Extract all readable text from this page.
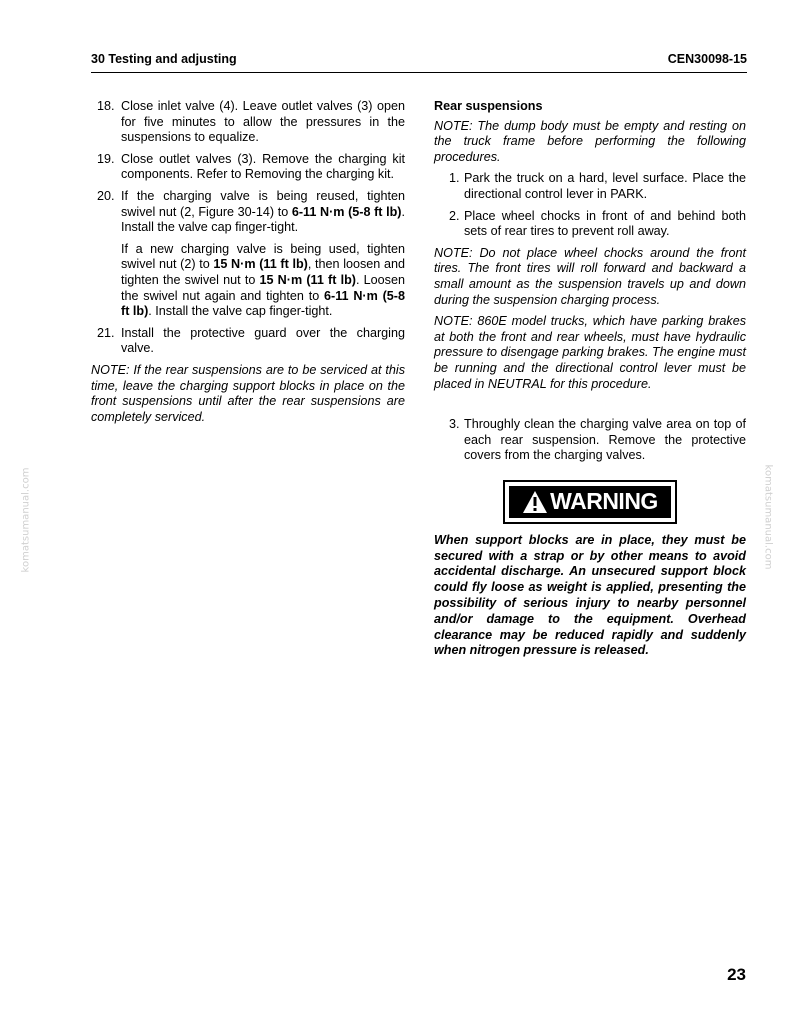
30 Testing and adjusting	CEN30098-15
18. Close inlet valve (4). Leave outlet valves (3) open for five minutes to allow the pressures in the suspensions to equalize.
19. Close outlet valves (3). Remove the charging kit components. Refer to Removing the charging kit.
20. If the charging valve is being reused, tighten swivel nut (2, Figure 30-14) to 6-11 N·m (5-8 ft lb). Install the valve cap finger-tight.
If a new charging valve is being used, tighten swivel nut (2) to 15 N·m (11 ft lb), then loosen and tighten the swivel nut to 15 N·m (11 ft lb). Loosen the swivel nut again and tighten to 6-11 N·m (5-8 ft lb). Install the valve cap finger-tight.
21. Install the protective guard over the charging valve.
NOTE: If the rear suspensions are to be serviced at this time, leave the charging support blocks in place on the front suspensions until after the rear suspensions are completely serviced.
Rear suspensions
NOTE: The dump body must be empty and resting on the truck frame before performing the following procedures.
1. Park the truck on a hard, level surface. Place the directional control lever in PARK.
2. Place wheel chocks in front of and behind both sets of rear tires to prevent roll away.
NOTE: Do not place wheel chocks around the front tires. The front tires will roll forward and backward a small amount as the suspension travels up and down during the suspension charging process.
NOTE: 860E model trucks, which have parking brakes at both the front and rear wheels, must have hydraulic pressure to disengage parking brakes. The engine must be running and the directional control lever must be placed in NEUTRAL for this procedure.
3. Throughly clean the charging valve area on top of each rear suspension. Remove the protective covers from the charging valves.
WARNING
When support blocks are in place, they must be secured with a strap or by other means to avoid accidental discharge. An unsecured support block could fly loose as weight is applied, presenting the possibility of serious injury to nearby personnel and/or damage to the equipment. Overhead clearance may be reduced rapidly and suddenly when nitrogen pressure is released.
komatsumanual.com	komatsumanual.com
23
